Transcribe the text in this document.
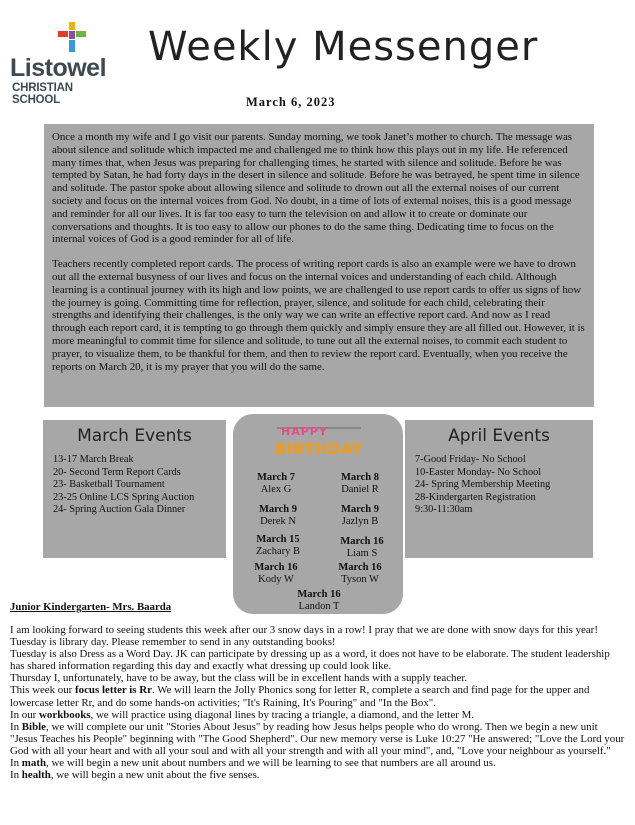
Listowel
CHRISTIAN SCHOOL
Weekly Messenger
March 6, 2023

Once a month my wife and I go visit our parents. Sunday morning, we took Janet’s mother to church. The message was about silence and solitude which impacted me and challenged me to think how this plays out in my life. He referenced many times that, when Jesus was preparing for challenging times, he started with silence and solitude. Before he was tempted by Satan, he had forty days in the desert in silence and solitude. Before he was betrayed, he spent time in silence and solitude. The pastor spoke about allowing silence and solitude to drown out all the external noises of our current society and focus on the internal voices from God. No doubt, in a time of lots of external noises, this is a good message and reminder for all our lives. It is far too easy to turn the television on and allow it to create or dominate our conversations and thoughts. It is too easy to allow our phones to do the same thing. Dedicating time to focus on the internal voices of God is a good reminder for all of life.

Teachers recently completed report cards. The process of writing report cards is also an example were we have to drown out all the external busyness of our lives and focus on the internal voices and understanding of each child. Although learning is a continual journey with its high and low points, we are challenged to use report cards to offer us signs of how the journey is going. Committing time for reflection, prayer, silence, and solitude for each child, celebrating their strengths and identifying their challenges, is the only way we can write an effective report card. And now as I read through each report card, it is tempting to go through them quickly and simply ensure they are all filled out. However, it is more meaningful to commit time for silence and solitude, to tune out all the external noises, to commit each student to prayer, to visualize them, to be thankful for them, and then to review the report card. Eventually, when you receive the reports on March 20, it is my prayer that you will do the same.

March Events
13-17 March Break
20- Second Term Report Cards
23- Basketball Tournament
23-25 Online LCS Spring Auction
24- Spring Auction Gala Dinner
HAPPY
BIRTHDAY
March 7
Alex G
March 8
Daniel R
March 9
Derek N
March 9
Jazlyn B
March 15
Zachary B
March 16
Liam S
March 16
Kody W
March 16
Tyson W
March 16
Landon T
April Events
7-Good Friday- No School
10-Easter Monday- No School
24- Spring Membership Meeting
28-Kindergarten Registration
9:30-11:30am
Junior Kindergarten- Mrs. Baarda

I am looking forward to seeing students this week after our 3 snow days in a row! I pray that we are done with snow days for this year!

Tuesday is library day. Please remember to send in any outstanding books!

Tuesday is also Dress as a Word Day. JK can participate by dressing up as a word, it does not have to be elaborate. The student leadership has shared information regarding this day and exactly what dressing up could look like.

Thursday I, unfortunately, have to be away, but the class will be in excellent hands with a supply teacher.

This week our focus letter is Rr. We will learn the Jolly Phonics song for letter R, complete a search and find page for the upper and lowercase letter Rr, and do some hands-on activities; "It's Raining, It's Pouring" and "In the Box".

In our workbooks, we will practice using diagonal lines by tracing a triangle, a diamond, and the letter M.

In Bible, we will complete our unit "Stories About Jesus" by reading how Jesus helps people who do wrong. Then we begin a new unit "Jesus Teaches his People" beginning with "The Good Shepherd". Our new memory verse is Luke 10:27 "He answered; "Love the Lord your God with all your heart and with all your soul and with all your strength and with all your mind", and, "Love your neighbour as yourself."

In math, we will begin a new unit about numbers and we will be learning to see that numbers are all around us.

In health, we will begin a new unit about the five senses.
